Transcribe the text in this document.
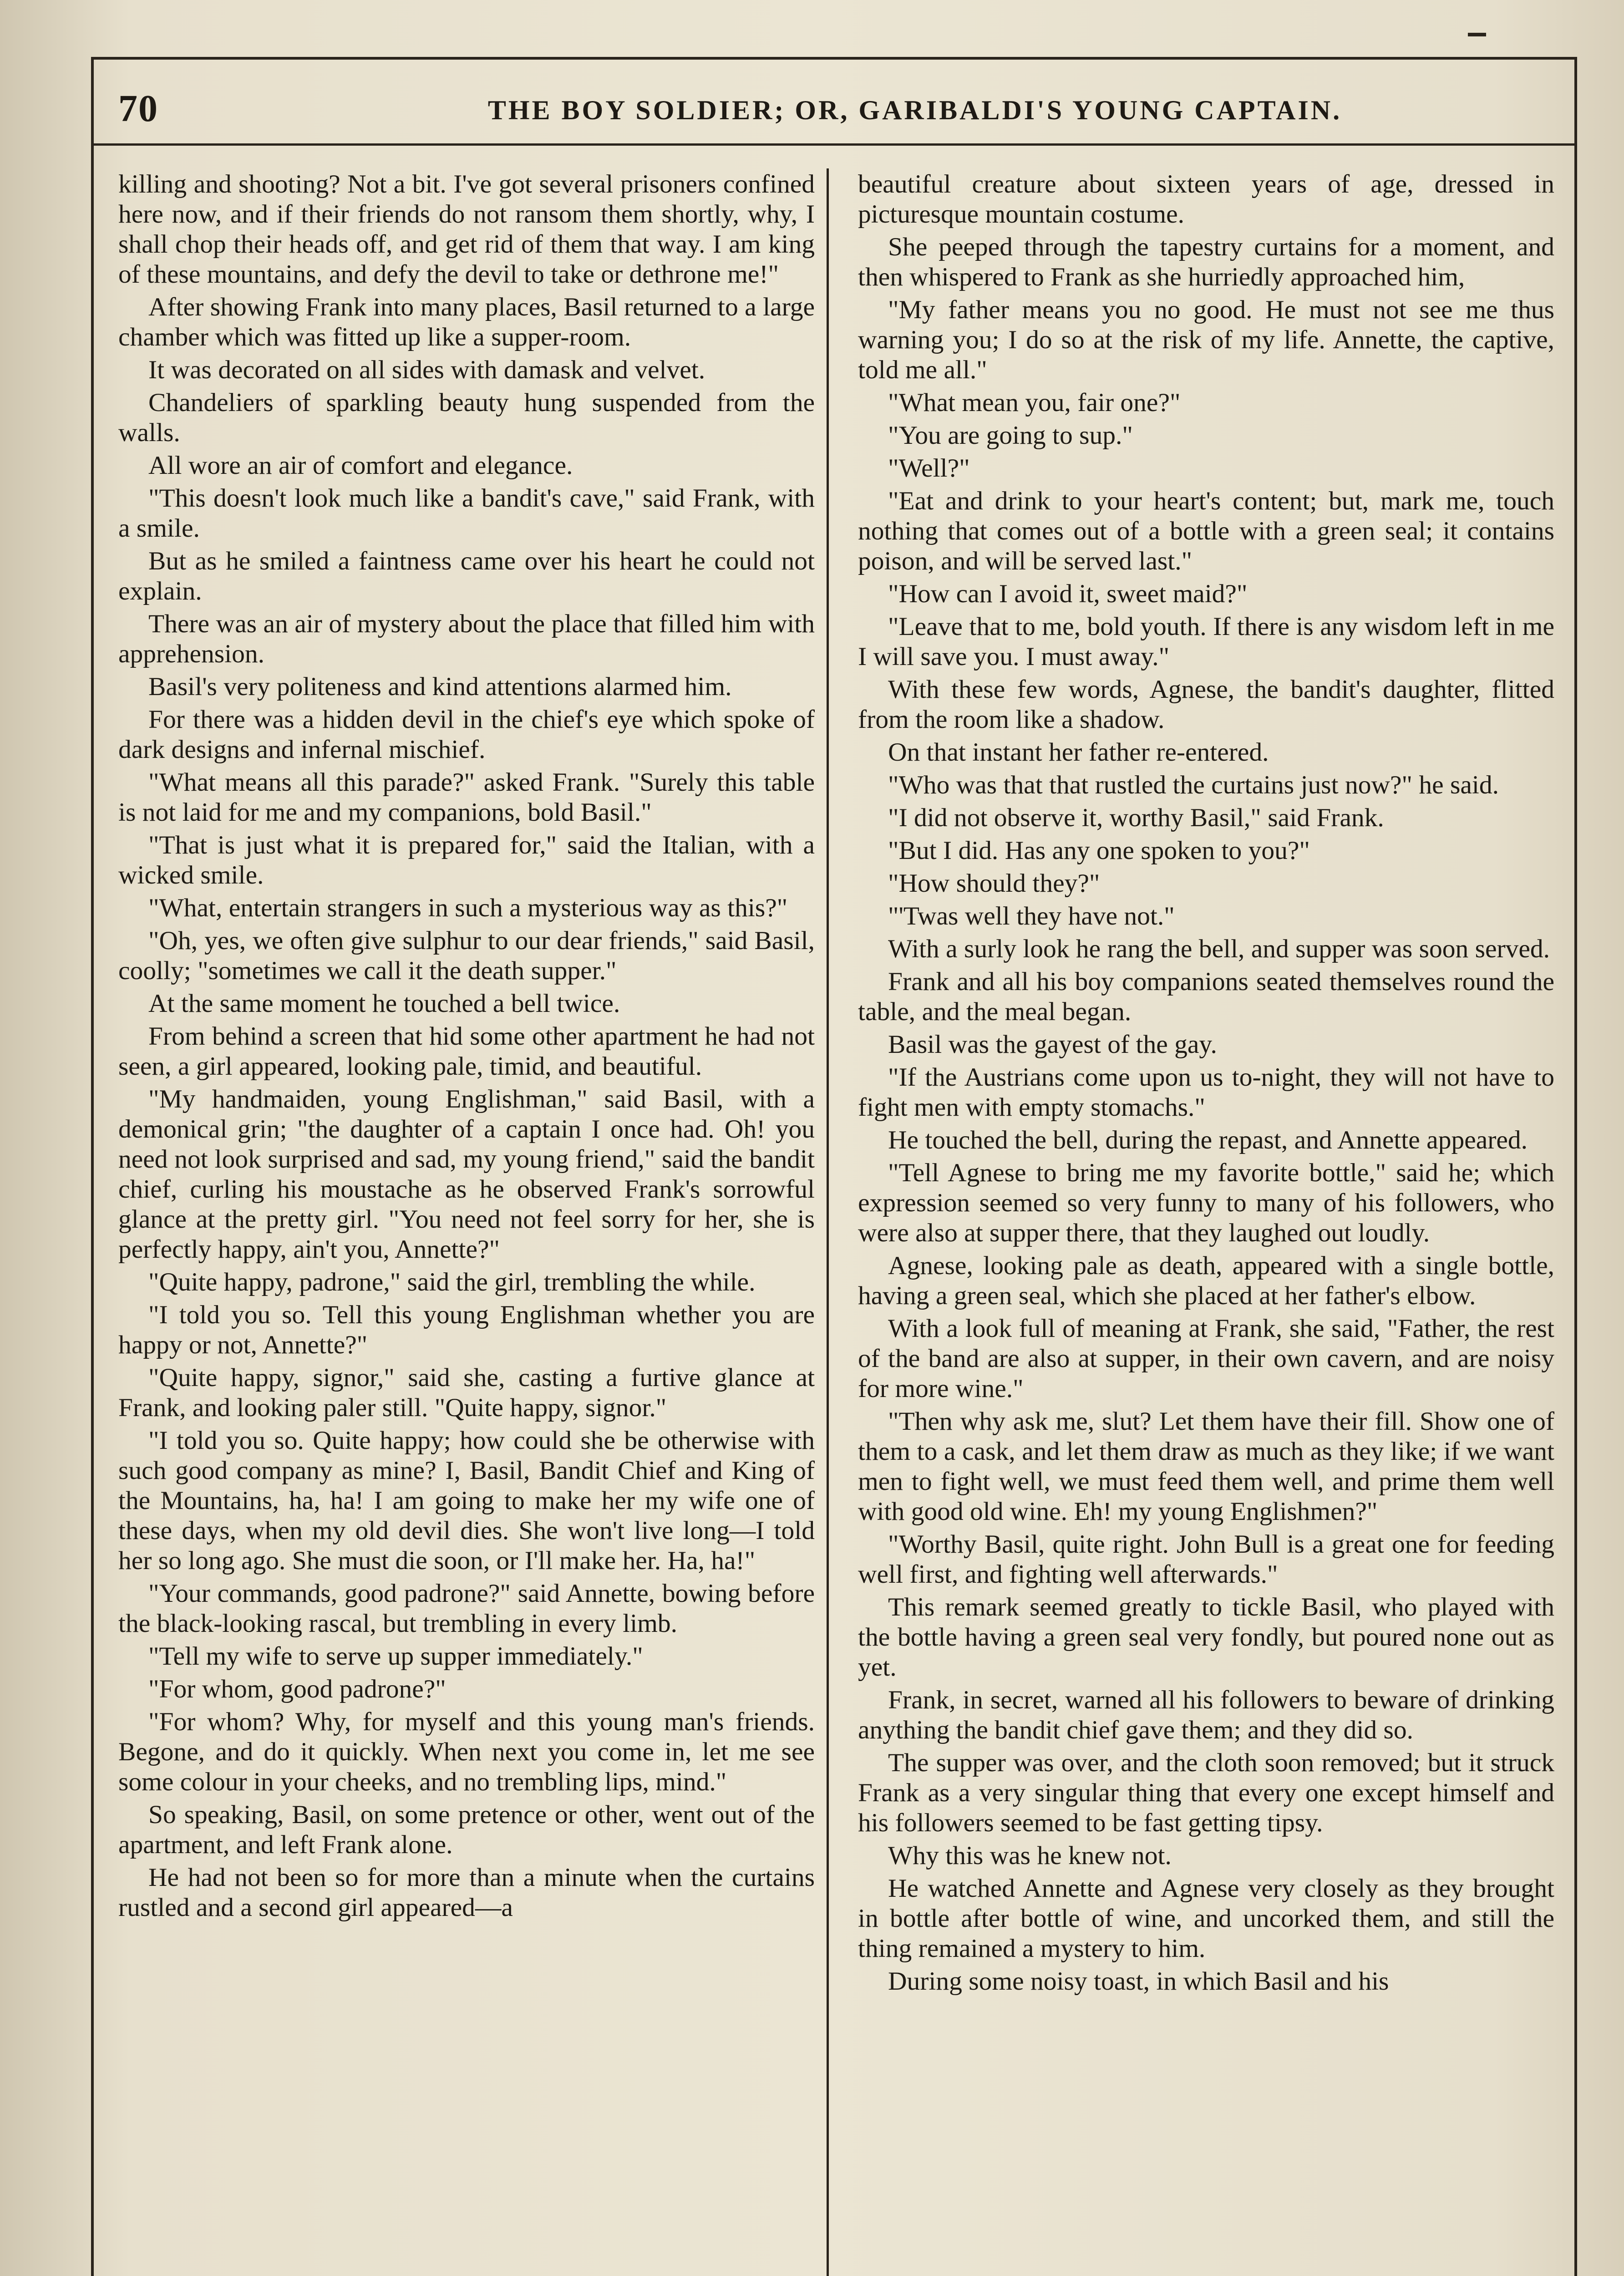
70	THE BOY SOLDIER; OR, GARIBALDI'S YOUNG CAPTAIN.

killing and shooting? Not a bit. I've got several prisoners confined here now, and if their friends do not ransom them shortly, why, I shall chop their heads off, and get rid of them that way. I am king of these mountains, and defy the devil to take or dethrone me!"

After showing Frank into many places, Basil returned to a large chamber which was fitted up like a supper-room.

It was decorated on all sides with damask and velvet.

Chandeliers of sparkling beauty hung suspended from the walls.

All wore an air of comfort and elegance.

"This doesn't look much like a bandit's cave," said Frank, with a smile.

But as he smiled a faintness came over his heart he could not explain.

There was an air of mystery about the place that filled him with apprehension.

Basil's very politeness and kind attentions alarmed him.

For there was a hidden devil in the chief's eye which spoke of dark designs and infernal mischief.

"What means all this parade?" asked Frank. "Surely this table is not laid for me and my companions, bold Basil."

"That is just what it is prepared for," said the Italian, with a wicked smile.

"What, entertain strangers in such a mysterious way as this?"

"Oh, yes, we often give sulphur to our dear friends," said Basil, coolly; "sometimes we call it the death supper."

At the same moment he touched a bell twice.

From behind a screen that hid some other apartment he had not seen, a girl appeared, looking pale, timid, and beautiful.

"My handmaiden, young Englishman," said Basil, with a demonical grin; "the daughter of a captain I once had. Oh! you need not look surprised and sad, my young friend," said the bandit chief, curling his moustache as he observed Frank's sorrowful glance at the pretty girl. "You need not feel sorry for her, she is perfectly happy, ain't you, Annette?"

"Quite happy, padrone," said the girl, trembling the while.

"I told you so. Tell this young Englishman whether you are happy or not, Annette?"

"Quite happy, signor," said she, casting a furtive glance at Frank, and looking paler still. "Quite happy, signor."

"I told you so. Quite happy; how could she be otherwise with such good company as mine? I, Basil, Bandit Chief and King of the Mountains, ha, ha! I am going to make her my wife one of these days, when my old devil dies. She won't live long—I told her so long ago. She must die soon, or I'll make her. Ha, ha!"

"Your commands, good padrone?" said Annette, bowing before the black-looking rascal, but trembling in every limb.

"Tell my wife to serve up supper immediately."

"For whom, good padrone?"

"For whom? Why, for myself and this young man's friends. Begone, and do it quickly. When next you come in, let me see some colour in your cheeks, and no trembling lips, mind."

So speaking, Basil, on some pretence or other, went out of the apartment, and left Frank alone.

He had not been so for more than a minute when the curtains rustled and a second girl appeared—a

beautiful creature about sixteen years of age, dressed in picturesque mountain costume.

She peeped through the tapestry curtains for a moment, and then whispered to Frank as she hurriedly approached him,

"My father means you no good. He must not see me thus warning you; I do so at the risk of my life. Annette, the captive, told me all."

"What mean you, fair one?"

"You are going to sup."

"Well?"

"Eat and drink to your heart's content; but, mark me, touch nothing that comes out of a bottle with a green seal; it contains poison, and will be served last."

"How can I avoid it, sweet maid?"

"Leave that to me, bold youth. If there is any wisdom left in me I will save you. I must away."

With these few words, Agnese, the bandit's daughter, flitted from the room like a shadow.

On that instant her father re-entered.

"Who was that that rustled the curtains just now?" he said.

"I did not observe it, worthy Basil," said Frank.

"But I did. Has any one spoken to you?"

"How should they?"

"'Twas well they have not."

With a surly look he rang the bell, and supper was soon served.

Frank and all his boy companions seated themselves round the table, and the meal began.

Basil was the gayest of the gay.

"If the Austrians come upon us to-night, they will not have to fight men with empty stomachs."

He touched the bell, during the repast, and Annette appeared.

"Tell Agnese to bring me my favorite bottle," said he; which expression seemed so very funny to many of his followers, who were also at supper there, that they laughed out loudly.

Agnese, looking pale as death, appeared with a single bottle, having a green seal, which she placed at her father's elbow.

With a look full of meaning at Frank, she said, "Father, the rest of the band are also at supper, in their own cavern, and are noisy for more wine."

"Then why ask me, slut? Let them have their fill. Show one of them to a cask, and let them draw as much as they like; if we want men to fight well, we must feed them well, and prime them well with good old wine. Eh! my young Englishmen?"

"Worthy Basil, quite right. John Bull is a great one for feeding well first, and fighting well afterwards."

This remark seemed greatly to tickle Basil, who played with the bottle having a green seal very fondly, but poured none out as yet.

Frank, in secret, warned all his followers to beware of drinking anything the bandit chief gave them; and they did so.

The supper was over, and the cloth soon removed; but it struck Frank as a very singular thing that every one except himself and his followers seemed to be fast getting tipsy.

Why this was he knew not.

He watched Annette and Agnese very closely as they brought in bottle after bottle of wine, and uncorked them, and still the thing remained a mystery to him.

During some noisy toast, in which Basil and his
